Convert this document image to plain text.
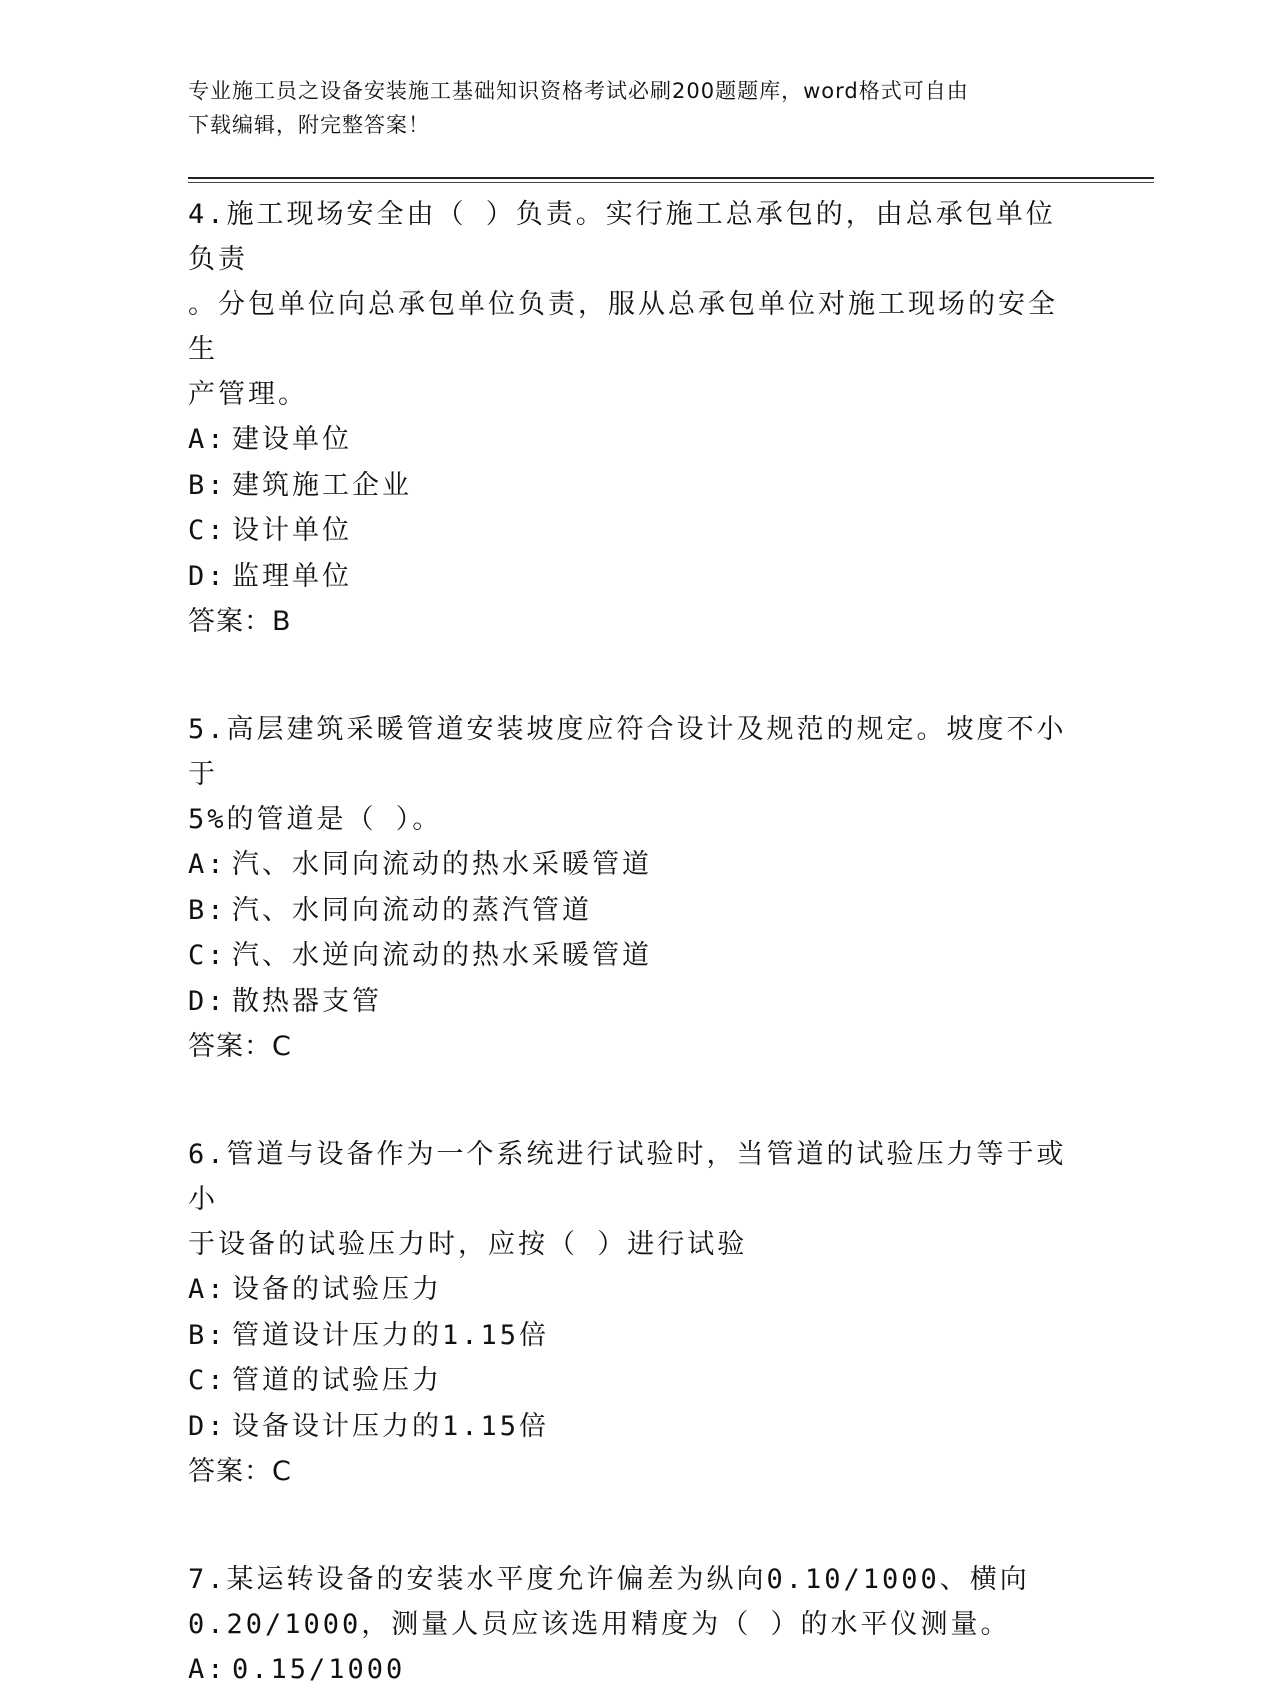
专业施工员之设备安装施工基础知识资格考试必刷200题题库，word格式可自由
下载编辑，附完整答案！

4.施工现场安全由（ ）负责。实行施工总承包的，由总承包单位负责

。分包单位向总承包单位负责，服从总承包单位对施工现场的安全生

产管理。

A: 建设单位

B: 建筑施工企业

C: 设计单位

D: 监理单位

答案：B

5.高层建筑采暖管道安装坡度应符合设计及规范的规定。坡度不小于

5%的管道是（ ）。

A: 汽、水同向流动的热水采暖管道

B: 汽、水同向流动的蒸汽管道

C: 汽、水逆向流动的热水采暖管道

D: 散热器支管

答案：C

6.管道与设备作为一个系统进行试验时，当管道的试验压力等于或小

于设备的试验压力时，应按（ ）进行试验

A: 设备的试验压力

B: 管道设计压力的1.15倍

C: 管道的试验压力

D: 设备设计压力的1.15倍

答案：C

7.某运转设备的安装水平度允许偏差为纵向0.10/1000、横向

0.20/1000，测量人员应该选用精度为（ ）的水平仪测量。

A: 0.15/1000
